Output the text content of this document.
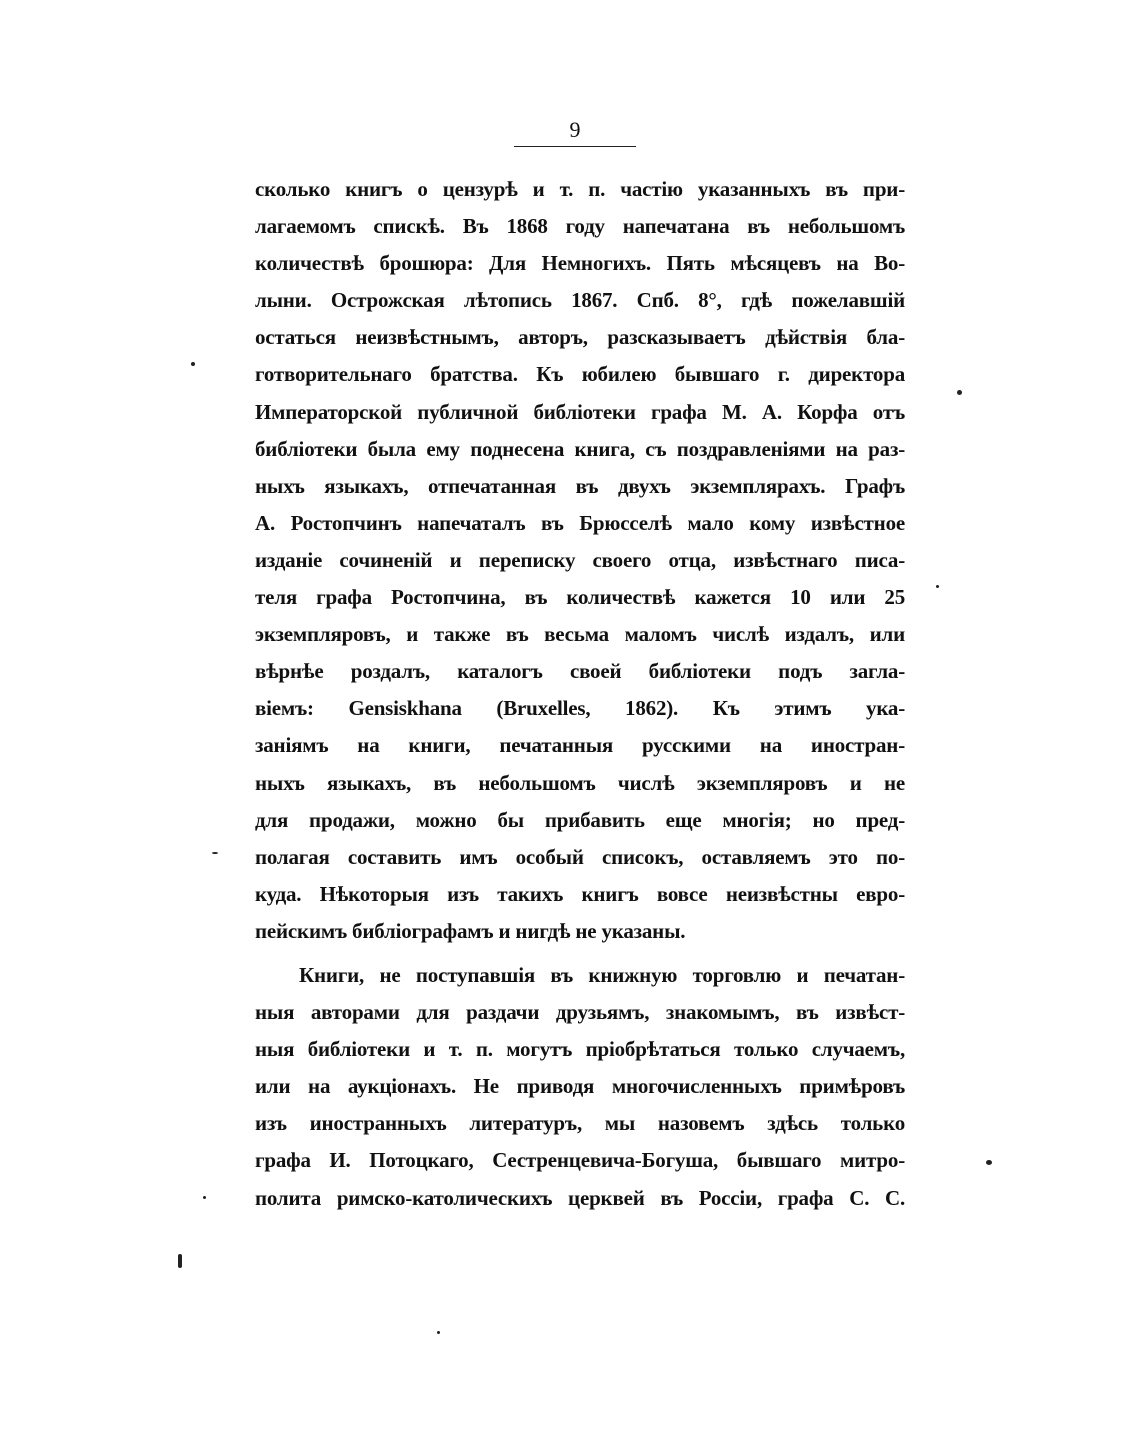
9
сколько книгъ о цензурѣ и т. п. частію указанныхъ въ при-
лагаемомъ спискѣ. Въ 1868 году напечатана въ небольшомъ
количествѣ брошюра: Для Немногихъ. Пять мѣсяцевъ на Во-
лыни. Острожская лѣтопись 1867. Спб. 8°, гдѣ пожелавшій
остаться неизвѣстнымъ, авторъ, разсказываетъ дѣйствія бла-
готворительнаго братства. Къ юбилею бывшаго г. директора
Императорской публичной библіотеки графа М. А. Корфа отъ
библіотеки была ему поднесена книга, съ поздравленіями на раз-
ныхъ языкахъ, отпечатанная въ двухъ экземплярахъ. Графъ
А. Ростопчинъ напечаталъ въ Брюсселѣ мало кому извѣстное
изданіе сочиненій и переписку своего отца, извѣстнаго писа-
теля графа Ростопчина, въ количествѣ кажется 10 или 25
экземпляровъ, и также въ весьма маломъ числѣ издалъ, или
вѣрнѣе роздалъ, каталогъ своей библіотеки подъ загла-
віемъ: Gensiskhana (Bruxelles, 1862). Къ этимъ ука-
заніямъ на книги, печатанныя русскими на иностран-
ныхъ языкахъ, въ небольшомъ числѣ экземпляровъ и не
для продажи, можно бы прибавить еще многія; но пред-
полагая составить имъ особый списокъ, оставляемъ это по-
куда. Нѣкоторыя изъ такихъ книгъ вовсе неизвѣстны евро-
пейскимъ библіографамъ и нигдѣ не указаны.
Книги, не поступавшія въ книжную торговлю и печатан-
ныя авторами для раздачи друзьямъ, знакомымъ, въ извѣст-
ныя библіотеки и т. п. могутъ пріобрѣтаться только случаемъ,
или на аукціонахъ. Не приводя многочисленныхъ примѣровъ
изъ иностранныхъ литературъ, мы назовемъ здѣсь только
графа И. Потоцкаго, Сестренцевича-Богуша, бывшаго митро-
полита римско-католическихъ церквей въ Россіи, графа С. С.
